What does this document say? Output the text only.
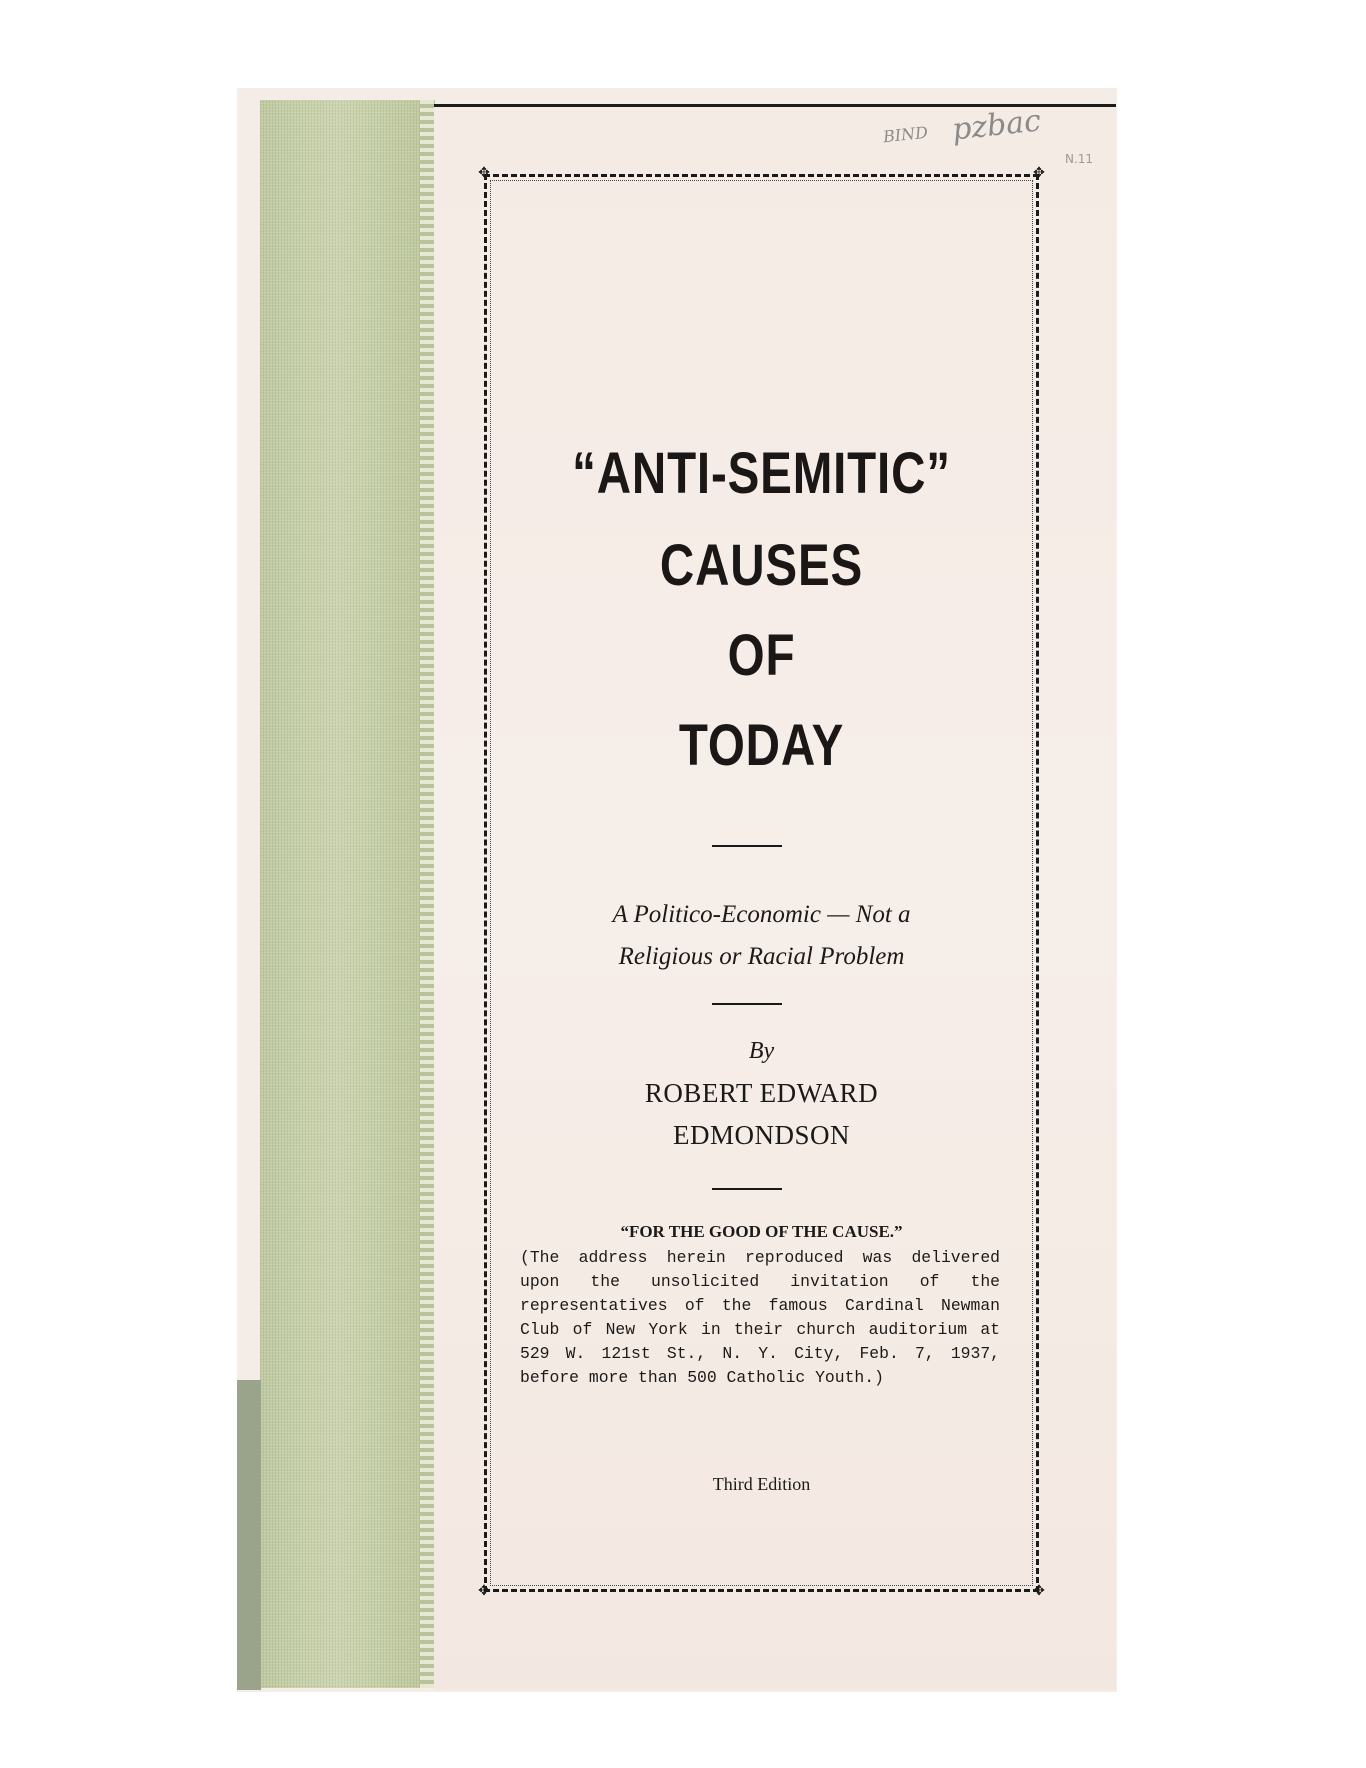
✥	✥
✥	✥
BIND pzbac
N.11
“ANTI-SEMITIC”
CAUSES
OF
TODAY
A Politico-Economic — Not a
Religious or Racial Problem
By
ROBERT EDWARD
EDMONDSON
“FOR THE GOOD OF THE CAUSE.”
(The address herein reproduced was delivered upon the unsolicited invitation of the representatives of the famous Cardinal Newman Club of New York in their church auditorium at 529 W. 121st St., N. Y. City, Feb. 7, 1937, before more than 500 Catholic Youth.)
Third Edition
